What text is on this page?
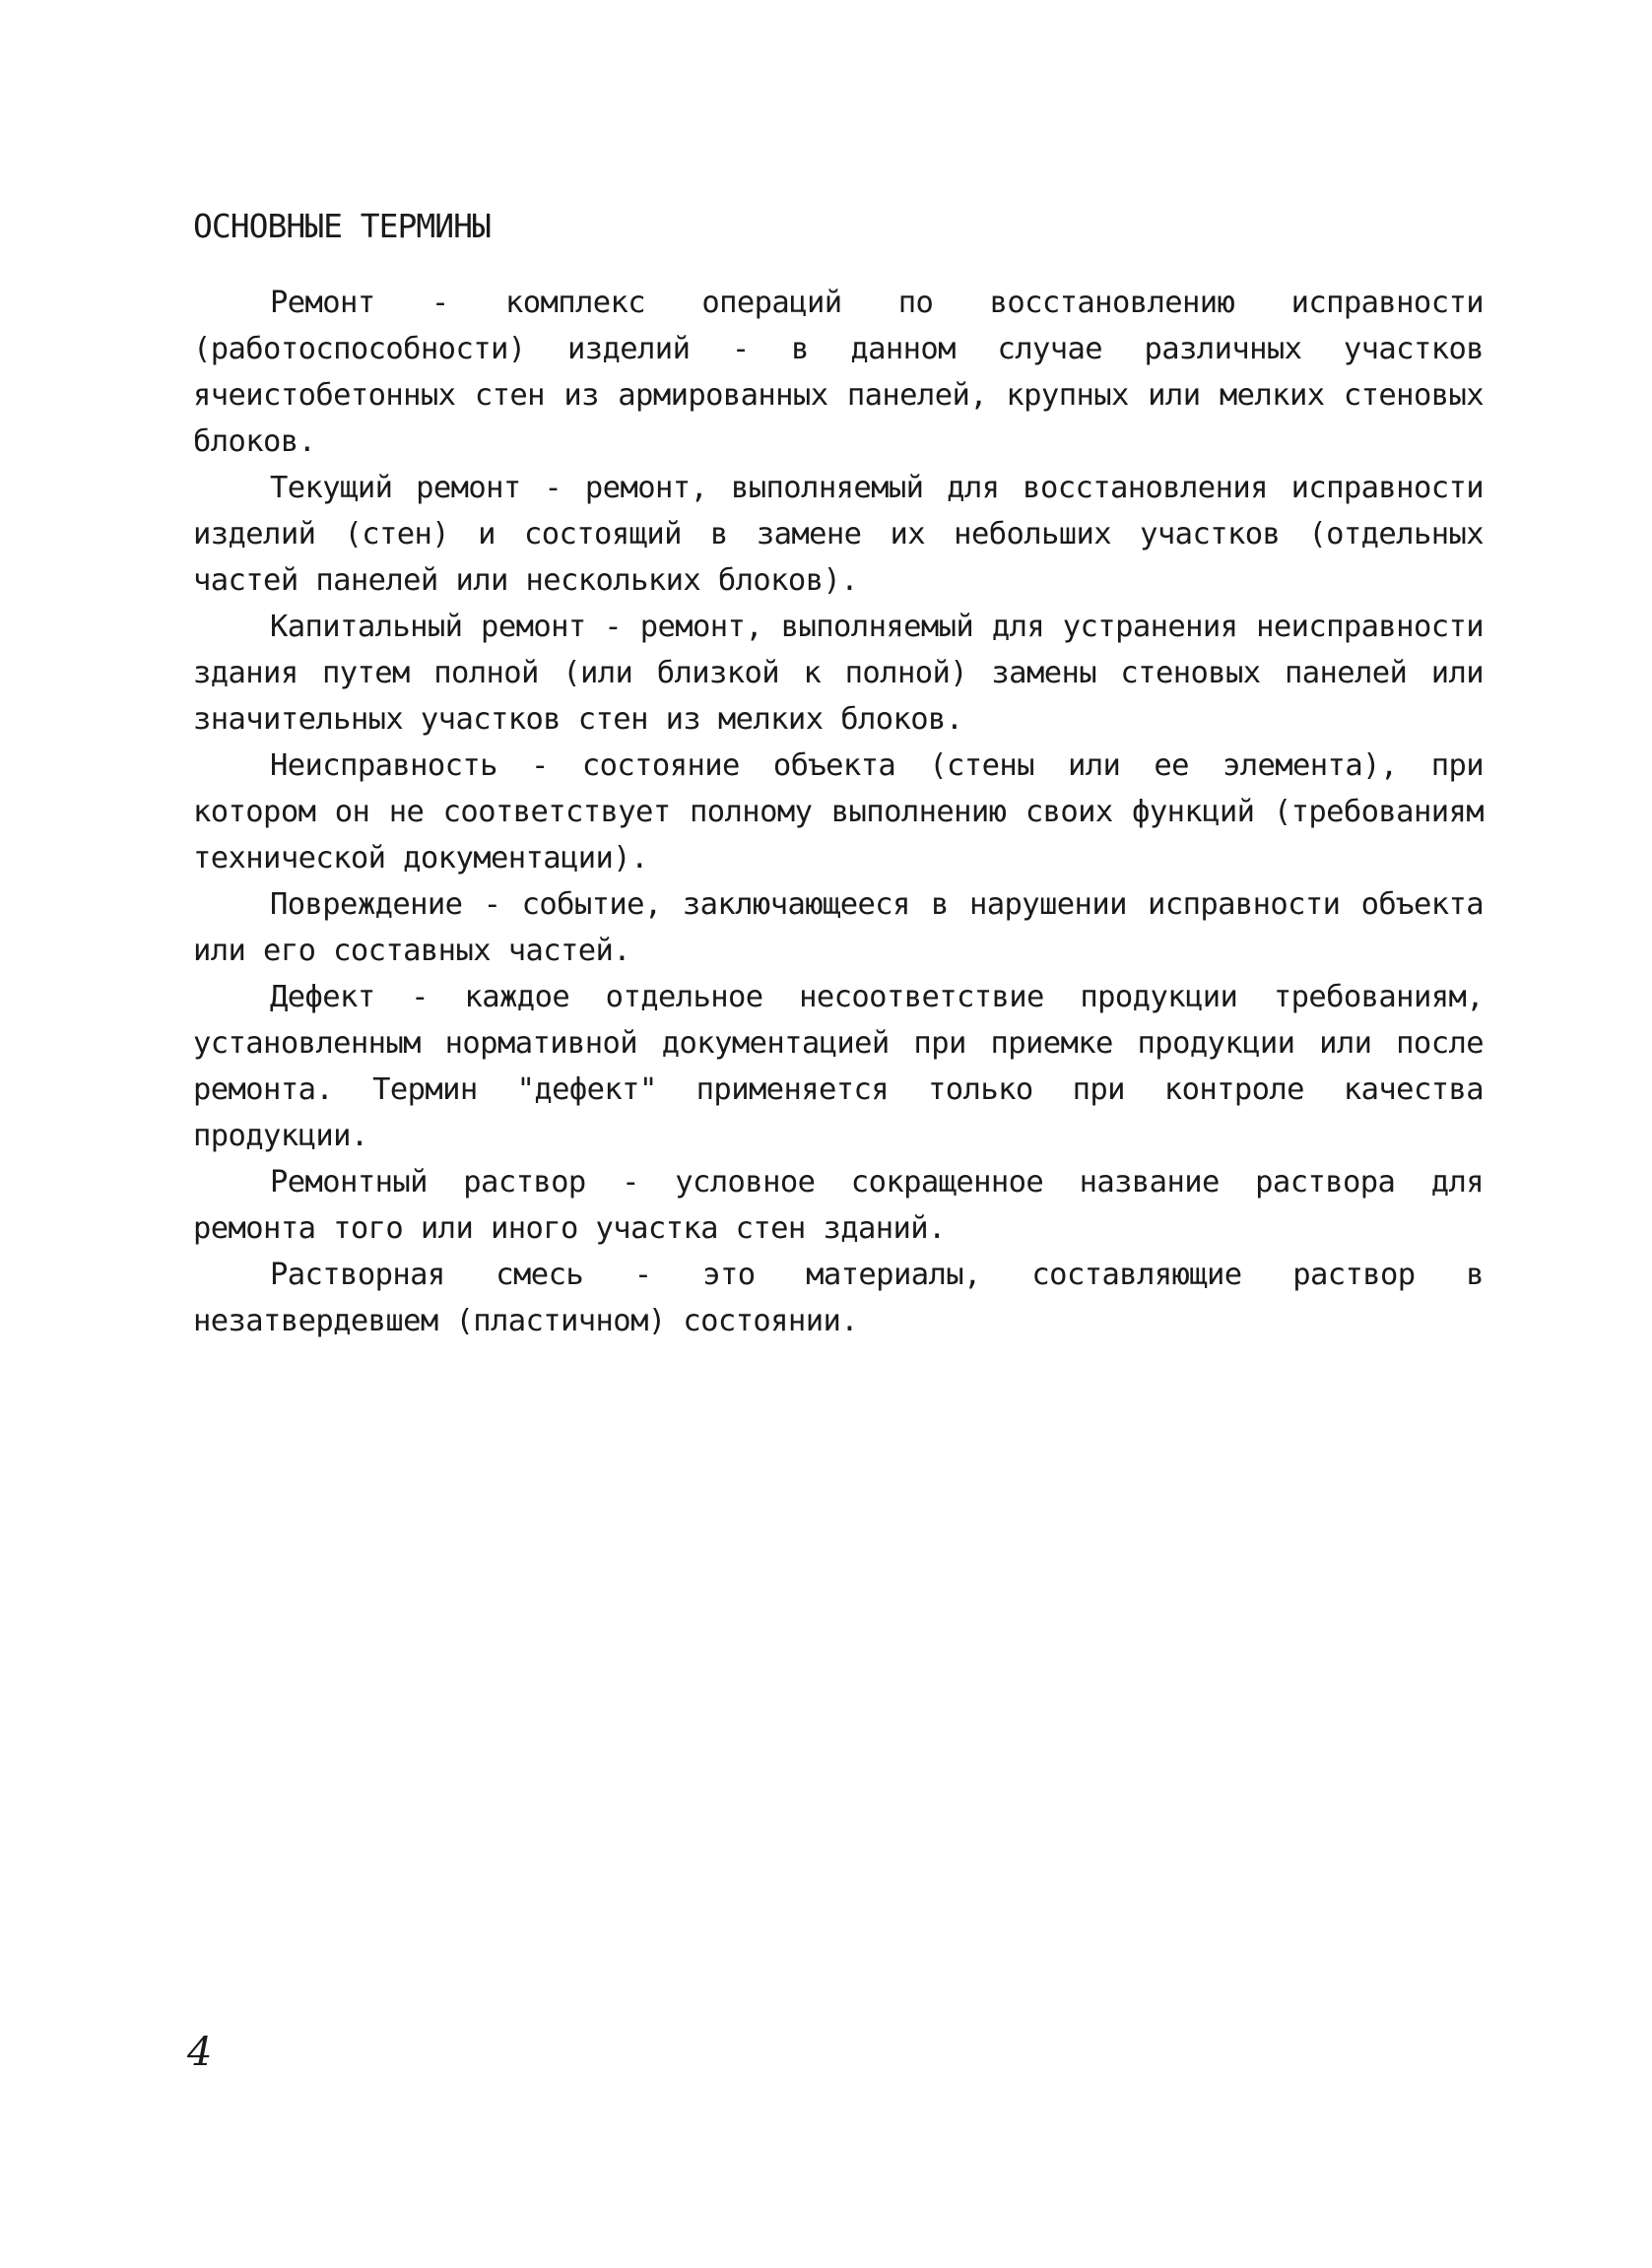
ОСНОВНЫЕ ТЕРМИНЫ

Ремонт - комплекс операций по восстановлению исправности (работоспособности) изделий - в данном случае различных участков ячеистобетонных стен из армированных панелей, крупных или мелких стеновых блоков.

Текущий ремонт - ремонт, выполняемый для восстановления исправности изделий (стен) и состоящий в замене их небольших участков (отдельных частей панелей или нескольких блоков).

Капитальный ремонт - ремонт, выполняемый для устранения неисправности здания путем полной (или близкой к полной) замены стеновых панелей или значительных участков стен из мелких блоков.

Неисправность - состояние объекта (стены или ее элемента), при котором он не соответствует полному выполнению своих функций (требованиям технической документации).

Повреждение - событие, заключающееся в нарушении исправности объекта или его составных частей.

Дефект - каждое отдельное несоответствие продукции требованиям, установленным нормативной документацией при приемке продукции или после ремонта. Термин "дефект" применяется только при контроле качества продукции.

Ремонтный раствор - условное сокращенное название раствора для ремонта того или иного участка стен зданий.

Растворная смесь - это материалы, составляющие раствор в незатвердевшем (пластичном) состоянии.

4
